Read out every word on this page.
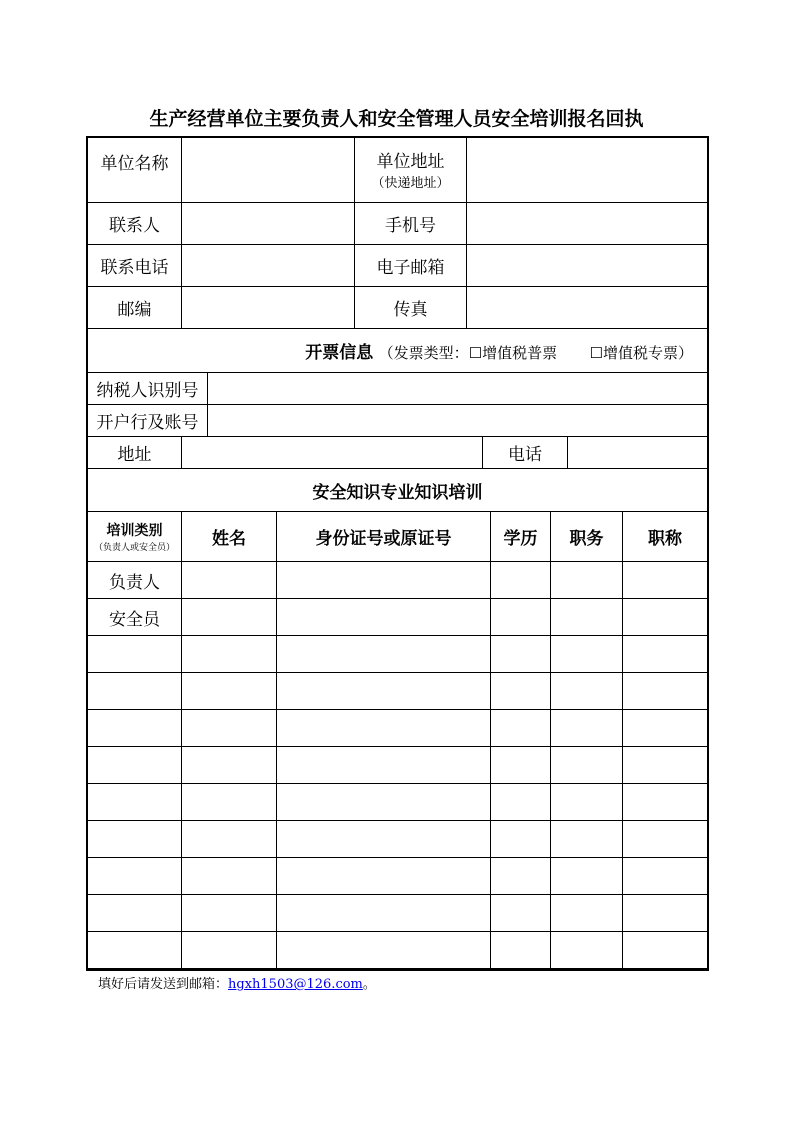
生产经营单位主要负责人和安全管理人员安全培训报名回执
单位名称		单位地址
（快递地址）	
联系人		手机号	
联系电话		电子邮箱	
邮编		传真	
开票信息 （发票类型：☐增值税普票 ☐增值税专票）				
纳税人识别号				
开户行及账号				
地址			电话	
安全知识专业知识培训					
培训类别
（负责人或安全员）	姓名	身份证号或原证号	学历	职务	职称
负责人					
安全员					

填好后请发送到邮箱：hgxh1503@126.com。
